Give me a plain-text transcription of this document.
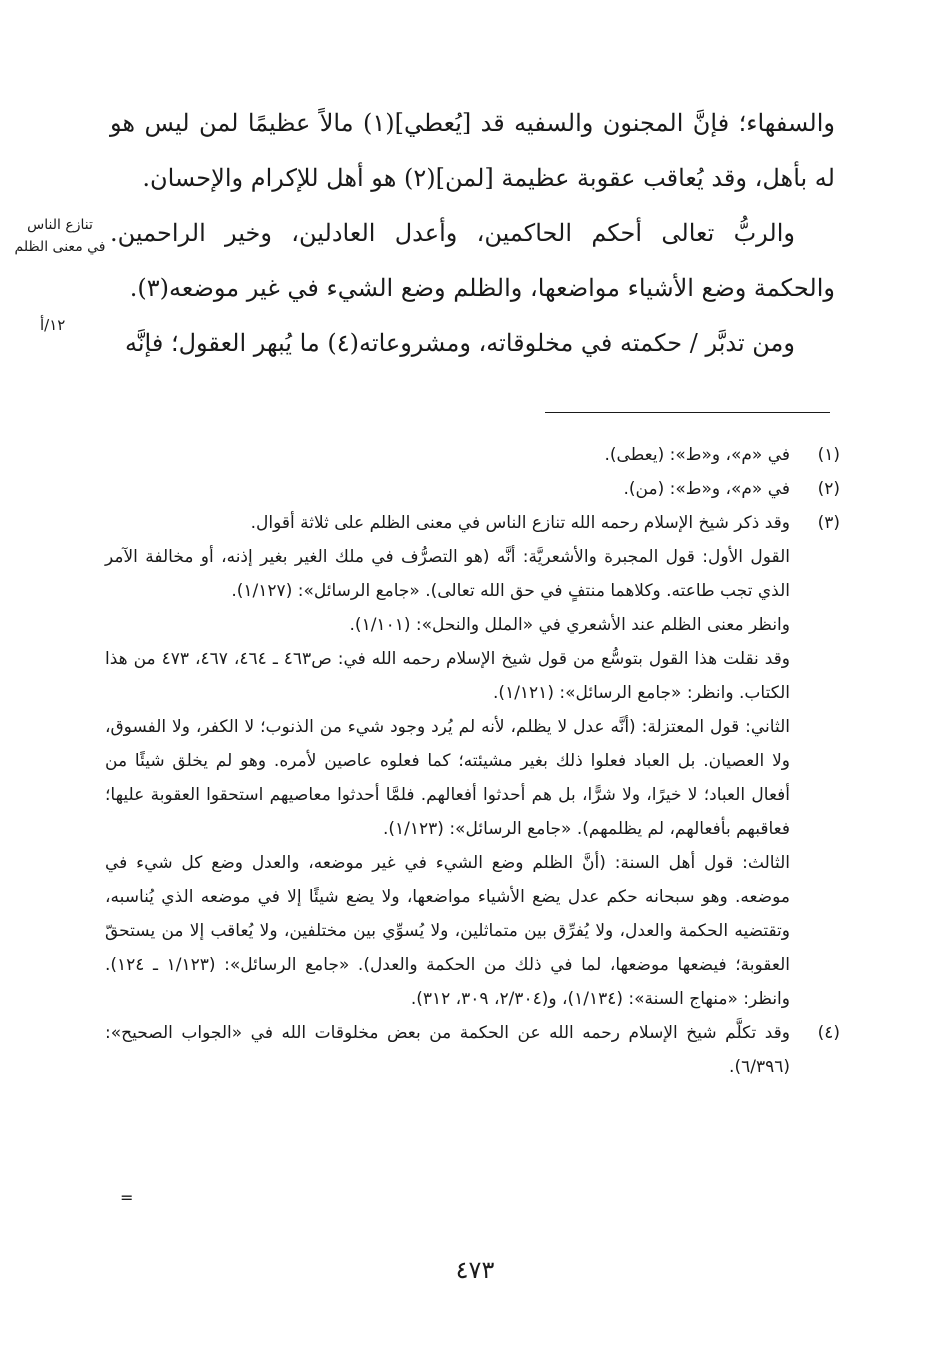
والسفهاء؛ فإنَّ المجنون والسفيه قد [يُعطي](١) مالاً عظيمًا لمن ليس هو له بأهل، وقد يُعاقب عقوبة عظيمة [لمن](٢) هو أهل للإكرام والإحسان.

والربُّ تعالى أحكم الحاكمين، وأعدل العادلين، وخير الراحمين. والحكمة وضع الأشياء مواضعها، والظلم وضع الشيء في غير موضعه(٣).

ومن تدبَّر / حكمته في مخلوقاته، ومشروعاته(٤) ما يُبهر العقول؛ فإنَّه

تنازع الناس
في معنى الظلم
١٢/أ
(١)

في «م»، و«ط»: (يعطى).

(٢)

في «م»، و«ط»: (من).

(٣)

وقد ذكر شيخ الإسلام رحمه الله تنازع الناس في معنى الظلم على ثلاثة أقوال.

القول الأول: قول المجبرة والأشعريَّة: أنَّه (هو التصرُّف في ملك الغير بغير إذنه، أو مخالفة الآمر الذي تجب طاعته. وكلاهما منتفٍ في حق الله تعالى). «جامع الرسائل»: (١/١٢٧).

وانظر معنى الظلم عند الأشعري في «الملل والنحل»: (١/١٠١).

وقد نقلت هذا القول بتوسُّع من قول شيخ الإسلام رحمه الله في: ص٤٦٣ ـ ٤٦٤، ٤٦٧، ٤٧٣ من هذا الكتاب. وانظر: «جامع الرسائل»: (١/١٢١).

الثاني: قول المعتزلة: (أنَّه عدل لا يظلم، لأنه لم يُرد وجود شيء من الذنوب؛ لا الكفر، ولا الفسوق، ولا العصيان. بل العباد فعلوا ذلك بغير مشيئته؛ كما فعلوه عاصين لأمره. وهو لم يخلق شيئًا من أفعال العباد؛ لا خيرًا، ولا شرًّا، بل هم أحدثوا أفعالهم. فلمَّا أحدثوا معاصيهم استحقوا العقوبة عليها؛ فعاقبهم بأفعالهم، لم يظلمهم). «جامع الرسائل»: (١/١٢٣).

الثالث: قول أهل السنة: (أنَّ الظلم وضع الشيء في غير موضعه، والعدل وضع كل شيء في موضعه. وهو سبحانه حكم عدل يضع الأشياء مواضعها، ولا يضع شيئًا إلا في موضعه الذي يُناسبه، وتقتضيه الحكمة والعدل، ولا يُفرِّق بين متماثلين، ولا يُسوِّي بين مختلفين، ولا يُعاقب إلا من يستحقّ العقوبة؛ فيضعها موضعها، لما في ذلك من الحكمة والعدل). «جامع الرسائل»: (١/١٢٣ ـ ١٢٤). وانظر: «منهاج السنة»: (١/١٣٤)، و(٢/٣٠٤، ٣٠٩، ٣١٢).

(٤)

وقد تكلَّم شيخ الإسلام رحمه الله عن الحكمة من بعض مخلوقات الله في «الجواب الصحيح»: (٦/٣٩٦).

=
٤٧٣
